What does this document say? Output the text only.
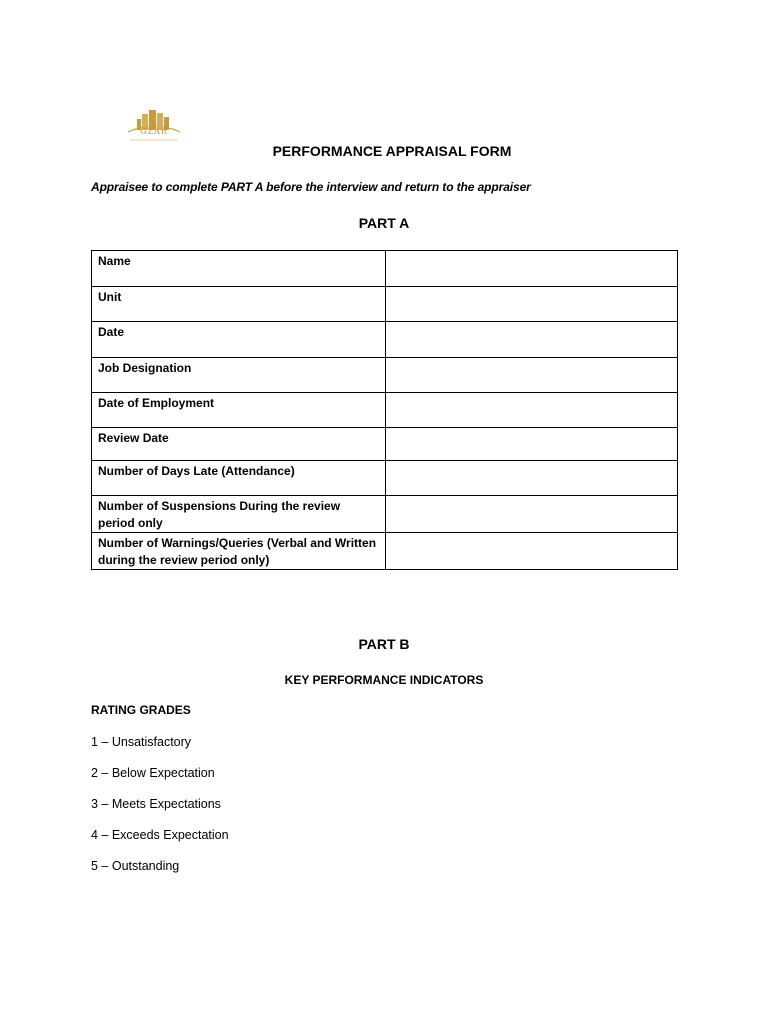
GZAR
PERFORMANCE APPRAISAL FORM
Appraisee to complete PART A before the interview and return to the appraiser
PART A
Name	
Unit	
Date	
Job Designation	
Date of Employment	
Review Date	
Number of Days Late (Attendance)	
Number of Suspensions During the review period only	
Number of Warnings/Queries (Verbal and Written during the review period only)	
PART B
KEY PERFORMANCE INDICATORS
RATING GRADES
1 – Unsatisfactory
2 – Below Expectation
3 – Meets Expectations
4 – Exceeds Expectation
5 – Outstanding
